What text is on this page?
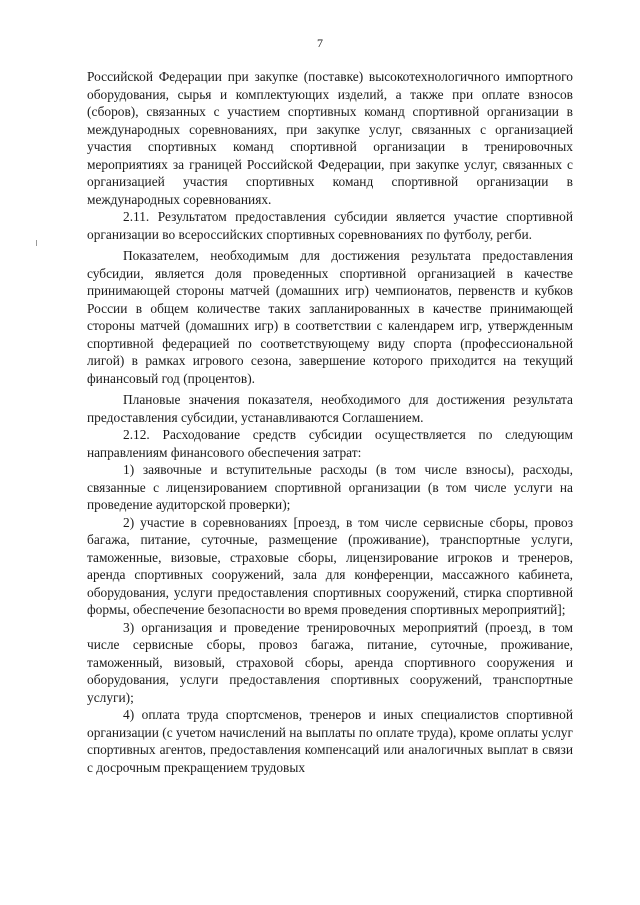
7

Российской Федерации при закупке (поставке) высокотехнологичного импортного оборудования, сырья и комплектующих изделий, а также при оплате взносов (сборов), связанных с участием спортивных команд спортивной организации в международных соревнованиях, при закупке услуг, связанных с организацией участия спортивных команд спортивной организации в тренировочных мероприятиях за границей Российской Федерации, при закупке услуг, связанных с организацией участия спортивных команд спортивной организации в международных соревнованиях.

2.11. Результатом предоставления субсидии является участие спортивной организации во всероссийских спортивных соревнованиях по футболу, регби.

Показателем, необходимым для достижения результата предоставления субсидии, является доля проведенных спортивной организацией в качестве принимающей стороны матчей (домашних игр) чемпионатов, первенств и кубков России в общем количестве таких запланированных в качестве принимающей стороны матчей (домашних игр) в соответствии с календарем игр, утвержденным спортивной федерацией по соответствующему виду спорта (профессиональной лигой) в рамках игрового сезона, завершение которого приходится на текущий финансовый год (процентов).

Плановые значения показателя, необходимого для достижения результата предоставления субсидии, устанавливаются Соглашением.

2.12. Расходование средств субсидии осуществляется по следующим направлениям финансового обеспечения затрат:

1) заявочные и вступительные расходы (в том числе взносы), расходы, связанные с лицензированием спортивной организации (в том числе услуги на проведение аудиторской проверки);

2) участие в соревнованиях [проезд, в том числе сервисные сборы, провоз багажа, питание, суточные, размещение (проживание), транспортные услуги, таможенные, визовые, страховые сборы, лицензирование игроков и тренеров, аренда спортивных сооружений, зала для конференции, массажного кабинета, оборудования, услуги предоставления спортивных сооружений, стирка спортивной формы, обеспечение безопасности во время проведения спортивных мероприятий];

3) организация и проведение тренировочных мероприятий (проезд, в том числе сервисные сборы, провоз багажа, питание, суточные, проживание, таможенный, визовый, страховой сборы, аренда спортивного сооружения и оборудования, услуги предоставления спортивных сооружений, транспортные услуги);

4) оплата труда спортсменов, тренеров и иных специалистов спортивной организации (с учетом начислений на выплаты по оплате труда), кроме оплаты услуг спортивных агентов, предоставления компенсаций или аналогичных выплат в связи с досрочным прекращением трудовых
